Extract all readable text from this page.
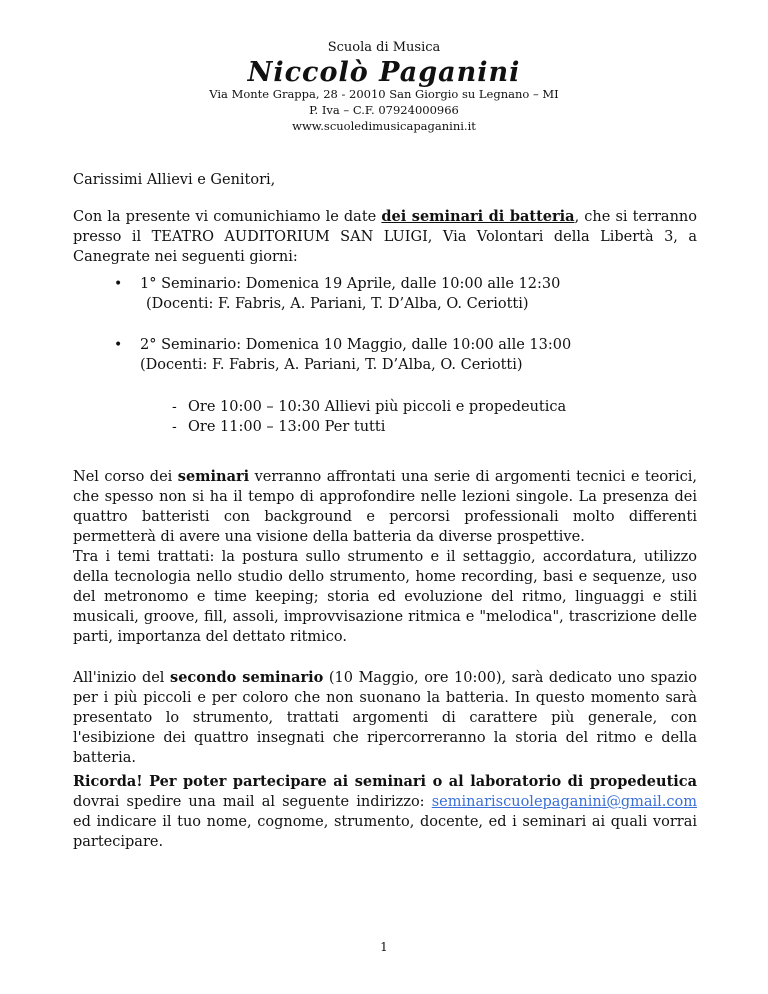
Scuola di Musica
Niccolò Paganini
Via Monte Grappa, 28 - 20010 San Giorgio su Legnano – MI
P. Iva – C.F. 07924000966
www.scuoledimusicapaganini.it
Carissimi Allievi e Genitori,
Con la presente vi comunichiamo le date dei seminari di batteria, che si terranno presso il TEATRO AUDITORIUM SAN LUIGI, Via Volontari della Libertà 3, a Canegrate nei seguenti giorni:
• 1° Seminario: Domenica 19 Aprile, dalle 10:00 alle 12:30
(Docenti: F. Fabris, A. Pariani, T. D’Alba, O. Ceriotti)
• 2° Seminario: Domenica 10 Maggio, dalle 10:00 alle 13:00
(Docenti: F. Fabris, A. Pariani, T. D’Alba, O. Ceriotti)
- Ore 10:00 – 10:30 Allievi più piccoli e propedeutica
- Ore 11:00 – 13:00 Per tutti
Nel corso dei seminari verranno affrontati una serie di argomenti tecnici e teorici, che spesso non si ha il tempo di approfondire nelle lezioni singole. La presenza dei quattro batteristi con background e percorsi professionali molto differenti permetterà di avere una visione della batteria da diverse prospettive.
Tra i temi trattati: la postura sullo strumento e il settaggio, accordatura, utilizzo della tecnologia nello studio dello strumento, home recording, basi e sequenze, uso del metronomo e time keeping; storia ed evoluzione del ritmo, linguaggi e stili musicali, groove, fill, assoli, improvvisazione ritmica e "melodica", trascrizione delle parti, importanza del dettato ritmico.
All'inizio del secondo seminario (10 Maggio, ore 10:00), sarà dedicato uno spazio per i più piccoli e per coloro che non suonano la batteria. In questo momento sarà presentato lo strumento, trattati argomenti di carattere più generale, con l'esibizione dei quattro insegnati che ripercorreranno la storia del ritmo e della batteria.
Ricorda! Per poter partecipare ai seminari o al laboratorio di propedeutica dovrai spedire una mail al seguente indirizzo: seminariscuolepaganini@gmail.com ed indicare il tuo nome, cognome, strumento, docente, ed i seminari ai quali vorrai partecipare.
1
